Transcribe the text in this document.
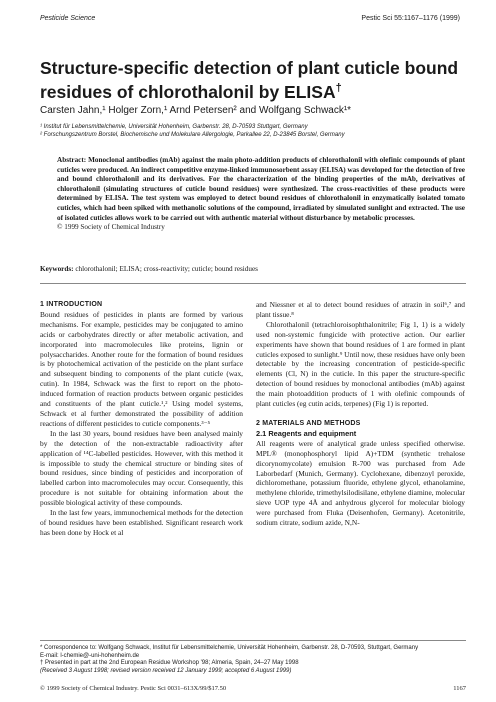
Pesticide Science	Pestic Sci 55:1167–1176 (1999)
Structure-specific detection of plant cuticle bound residues of chlorothalonil by ELISA†
Carsten Jahn,¹ Holger Zorn,¹ Arnd Petersen² and Wolfgang Schwack¹*
¹ Institut für Lebensmittelchemie, Universität Hohenheim, Garbenstr. 28, D-70593 Stuttgart, Germany
² Forschungszentrum Borstel, Biochemische und Molekulare Allergologie, Parkallee 22, D-23845 Borstel, Germany
Abstract: Monoclonal antibodies (mAb) against the main photo-addition products of chlorothalonil with olefinic compounds of plant cuticles were produced. An indirect competitive enzyme-linked immunosorbent assay (ELISA) was developed for the detection of free and bound chlorothalonil and its derivatives. For the characterization of the binding properties of the mAb, derivatives of chlorothalonil (simulating structures of cuticle bound residues) were synthesized. The cross-reactivities of these products were determined by ELISA. The test system was employed to detect bound residues of chlorothalonil in enzymatically isolated tomato cuticles, which had been spiked with methanolic solutions of the compound, irradiated by simulated sunlight and extracted. The use of isolated cuticles allows work to be carried out with authentic material without disturbance by metabolic processes.
© 1999 Society of Chemical Industry
Keywords: chlorothalonil; ELISA; cross-reactivity; cuticle; bound residues

1 INTRODUCTION

Bound residues of pesticides in plants are formed by various mechanisms. For example, pesticides may be conjugated to amino acids or carbohydrates directly or after metabolic activation, and incorporated into macromolecules like proteins, lignin or polysaccharides. Another route for the formation of bound residues is by photochemical activation of the pesticide on the plant surface and subsequent binding to components of the plant cuticle (wax, cutin). In 1984, Schwack was the first to report on the photo-induced formation of reaction products between organic pesticides and constituents of the plant cuticle.¹,² Using model systems, Schwack et al further demonstrated the possibility of addition reactions of different pesticides to cuticle components.³⁻⁵

In the last 30 years, bound residues have been analysed mainly by the detection of the non-extractable radioactivity after application of ¹⁴C-labelled pesticides. However, with this method it is impossible to study the chemical structure or binding sites of bound residues, since binding of pesticides and incorporation of labelled carbon into macromolecules may occur. Consequently, this procedure is not suitable for obtaining information about the possible biological activity of these compounds.

In the last few years, immunochemical methods for the detection of bound residues have been established. Significant research work has been done by Hock et al

and Niessner et al to detect bound residues of atrazin in soil⁶,⁷ and plant tissue.⁸

Chlorothalonil (tetrachloroisophthalonitrile; Fig 1, 1) is a widely used non-systemic fungicide with protective action. Our earlier experiments have shown that bound residues of 1 are formed in plant cuticles exposed to sunlight.⁹ Until now, these residues have only been detectable by the increasing concentration of pesticide-specific elements (Cl, N) in the cuticle. In this paper the structure-specific detection of bound residues by monoclonal antibodies (mAb) against the main photoaddition products of 1 with olefinic compounds of plant cuticles (eg cutin acids, terpenes) (Fig 1) is reported.

2 MATERIALS AND METHODS

2.1 Reagents and equipment

All reagents were of analytical grade unless specified otherwise. MPL® (monophosphoryl lipid A)+TDM (synthetic trehalose dicorynomycolate) emulsion R-700 was purchased from Ade Laborbedarf (Munich, Germany). Cyclohexane, dibenzoyl peroxide, dichloromethane, potassium fluoride, ethylene glycol, ethanolamine, methylene chloride, trimethylsilodisilane, ethylene diamine, molecular sieve UOP type 4Å and anhydrous glycerol for molecular biology were purchased from Fluka (Deisenhofen, Germany). Acetonitrile, sodium citrate, sodium azide, N,N-

* Correspondence to: Wolfgang Schwack, Institut für Lebensmittelchemie, Universität Hohenheim, Garbenstr. 28, D-70593, Stuttgart, Germany
E-mail: l-chemie@-uni-hohenheim.de
† Presented in part at the 2nd European Residue Workshop '98; Almeria, Spain, 24–27 May 1998
(Received 3 August 1998; revised version received 12 January 1999; accepted 6 August 1999)
© 1999 Society of Chemical Industry. Pestic Sci 0031–613X/99/$17.50	1167
